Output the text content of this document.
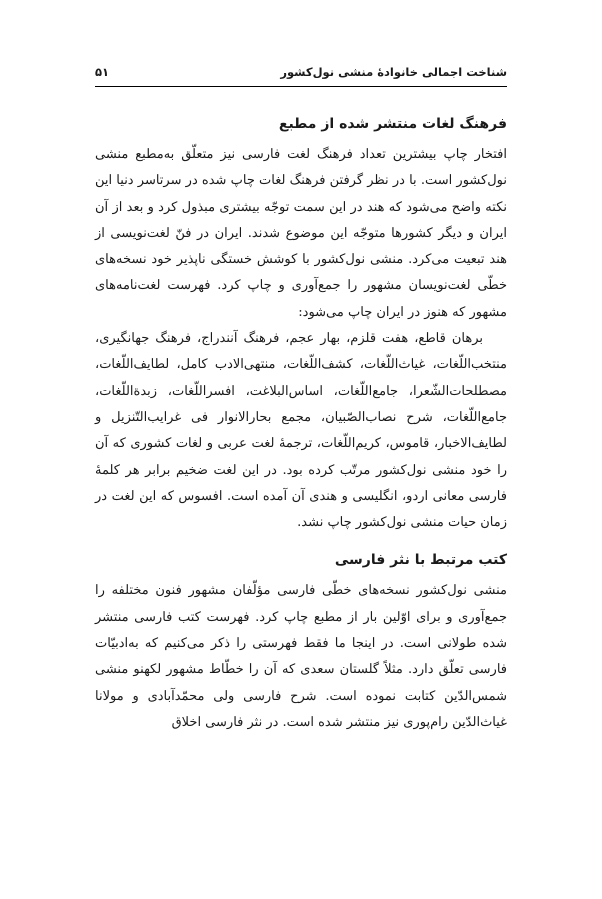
شناخت اجمالی خانوادهٔ منشی نول‌کشور
۵۱
فرهنگ لغات منتشر شده از مطبع

افتخار چاپ بیشترین تعداد فرهنگ لغت فارسی نیز متعلّق به‌مطبع منشی نول‌کشور است. با در نظر گرفتن فرهنگ لغات چاپ شده در سرتاسر دنیا این نکته واضح می‌شود که هند در این سمت توجّه بیشتری مبذول کرد و بعد از آن ایران و دیگر کشورها متوجّه این موضوع شدند. ایران در فنّ لغت‌نویسی از هند تبعیت می‌کرد. منشی نول‌کشور با کوشش خستگی ناپذیر خود نسخه‌های خطّی لغت‌نویسان مشهور را جمع‌آوری و چاپ کرد. فهرست لغت‌نامه‌های مشهور که هنوز در ایران چاپ می‌شود:

برهان قاطع، هفت قلزم، بهار عجم، فرهنگ آنندراج، فرهنگ جهانگیری، منتخب‌اللّغات، غیاث‌اللّغات، کشف‌اللّغات، منتهی‌الادب کامل، لطایف‌اللّغات، مصطلحات‌الشّعرا، جامع‌اللّغات، اساس‌البلاغت، افسراللّغات، زبدةاللّغات، جامع‌اللّغات، شرح نصاب‌الصّبیان، مجمع بحارالانوار فی غرایب‌التّنزیل و لطایف‌الاخبار، قاموس، کریم‌اللّغات، ترجمهٔ لغت عربی و لغات کشوری که آن را خود منشی نول‌کشور مرتّب کرده بود. در این لغت ضخیم برابر هر کلمهٔ فارسی معانی اردو، انگلیسی و هندی آن آمده است. افسوس که این لغت در زمان حیات منشی نول‌کشور چاپ نشد.

کتب مرتبط با نثر فارسی

منشی نول‌کشور نسخه‌های خطّی فارسی مؤلّفان مشهور فنون مختلفه را جمع‌آوری و برای اوّلین بار از مطبع چاپ کرد. فهرست کتب فارسی منتشر شده طولانی است. در اینجا ما فقط فهرستی را ذکر می‌کنیم که به‌ادبیّات فارسی تعلّق دارد. مثلاً گلستان سعدی که آن را خطّاط مشهور لکهنو منشی شمس‌الدّین کتابت نموده است. شرح فارسی ولی محمّدآبادی و مولانا غیاث‌الدّین رام‌پوری نیز منتشر شده است. در نثر فارسی اخلاق
